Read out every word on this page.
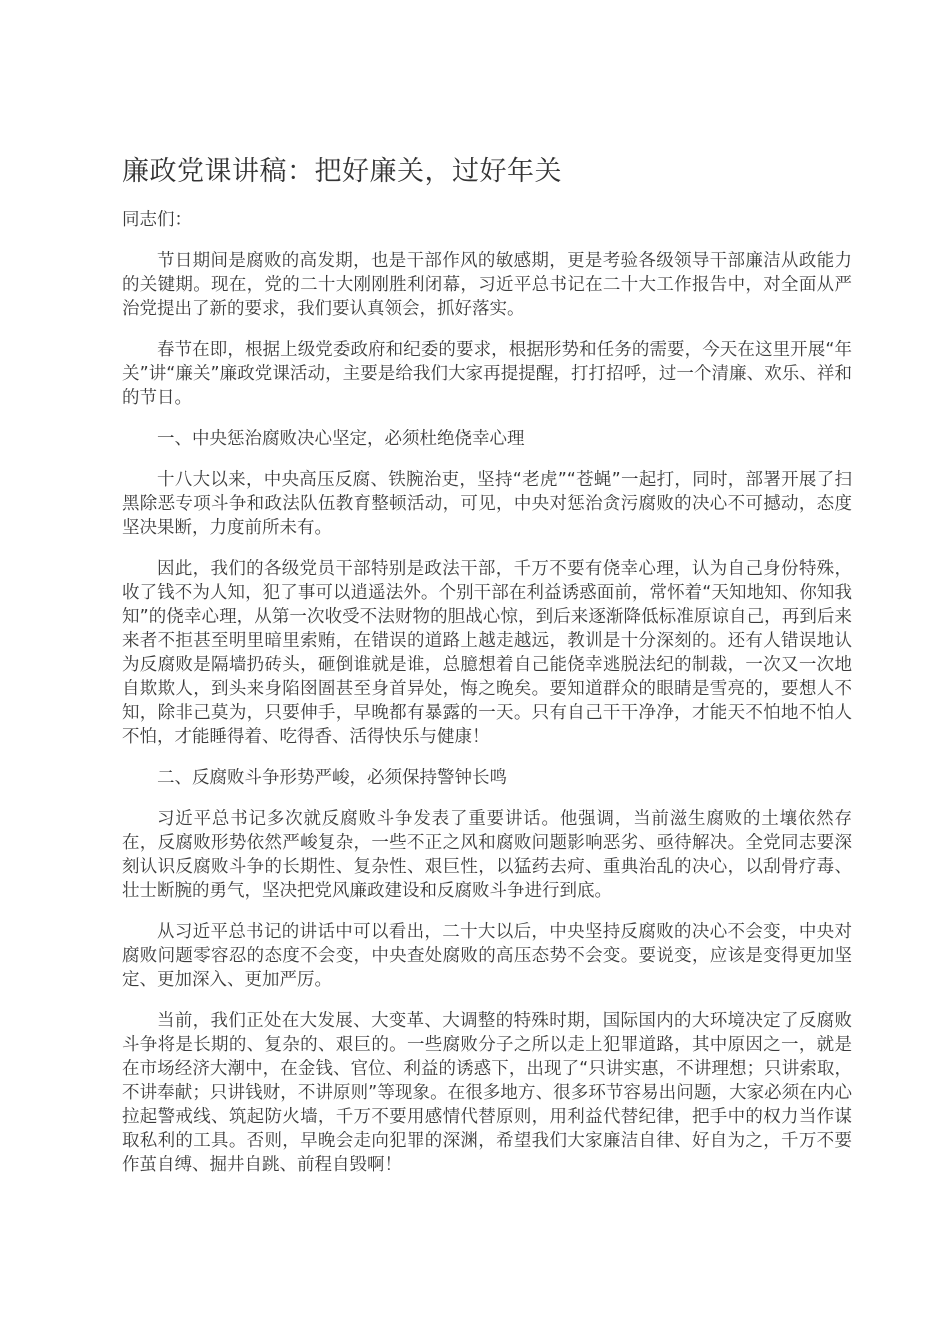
廉政党课讲稿：把好廉关，过好年关

同志们：

节日期间是腐败的高发期，也是干部作风的敏感期，更是考验各级领导干部廉洁从政能力的关键期。现在，党的二十大刚刚胜利闭幕，习近平总书记在二十大工作报告中，对全面从严治党提出了新的要求，我们要认真领会，抓好落实。

春节在即，根据上级党委政府和纪委的要求，根据形势和任务的需要，今天在这里开展“年关”讲“廉关”廉政党课活动，主要是给我们大家再提提醒，打打招呼，过一个清廉、欢乐、祥和的节日。

一、中央惩治腐败决心坚定，必须杜绝侥幸心理

十八大以来，中央高压反腐、铁腕治吏，坚持“老虎”“苍蝇”一起打，同时，部署开展了扫黑除恶专项斗争和政法队伍教育整顿活动，可见，中央对惩治贪污腐败的决心不可撼动，态度坚决果断，力度前所未有。

因此，我们的各级党员干部特别是政法干部，千万不要有侥幸心理，认为自己身份特殊，收了钱不为人知，犯了事可以逍遥法外。个别干部在利益诱惑面前，常怀着“天知地知、你知我知”的侥幸心理，从第一次收受不法财物的胆战心惊，到后来逐渐降低标准原谅自己，再到后来来者不拒甚至明里暗里索贿，在错误的道路上越走越远，教训是十分深刻的。还有人错误地认为反腐败是隔墙扔砖头，砸倒谁就是谁，总臆想着自己能侥幸逃脱法纪的制裁，一次又一次地自欺欺人，到头来身陷囹圄甚至身首异处，悔之晚矣。要知道群众的眼睛是雪亮的，要想人不知，除非己莫为，只要伸手，早晚都有暴露的一天。只有自己干干净净，才能天不怕地不怕人不怕，才能睡得着、吃得香、活得快乐与健康！

二、反腐败斗争形势严峻，必须保持警钟长鸣

习近平总书记多次就反腐败斗争发表了重要讲话。他强调，当前滋生腐败的土壤依然存在，反腐败形势依然严峻复杂，一些不正之风和腐败问题影响恶劣、亟待解决。全党同志要深刻认识反腐败斗争的长期性、复杂性、艰巨性，以猛药去疴、重典治乱的决心，以刮骨疗毒、壮士断腕的勇气，坚决把党风廉政建设和反腐败斗争进行到底。

从习近平总书记的讲话中可以看出，二十大以后，中央坚持反腐败的决心不会变，中央对腐败问题零容忍的态度不会变，中央查处腐败的高压态势不会变。要说变，应该是变得更加坚定、更加深入、更加严厉。

当前，我们正处在大发展、大变革、大调整的特殊时期，国际国内的大环境决定了反腐败斗争将是长期的、复杂的、艰巨的。一些腐败分子之所以走上犯罪道路，其中原因之一，就是在市场经济大潮中，在金钱、官位、利益的诱惑下，出现了“只讲实惠，不讲理想；只讲索取，不讲奉献；只讲钱财，不讲原则”等现象。在很多地方、很多环节容易出问题，大家必须在内心拉起警戒线、筑起防火墙，千万不要用感情代替原则，用利益代替纪律，把手中的权力当作谋取私利的工具。否则，早晚会走向犯罪的深渊，希望我们大家廉洁自律、好自为之，千万不要作茧自缚、掘井自跳、前程自毁啊！
